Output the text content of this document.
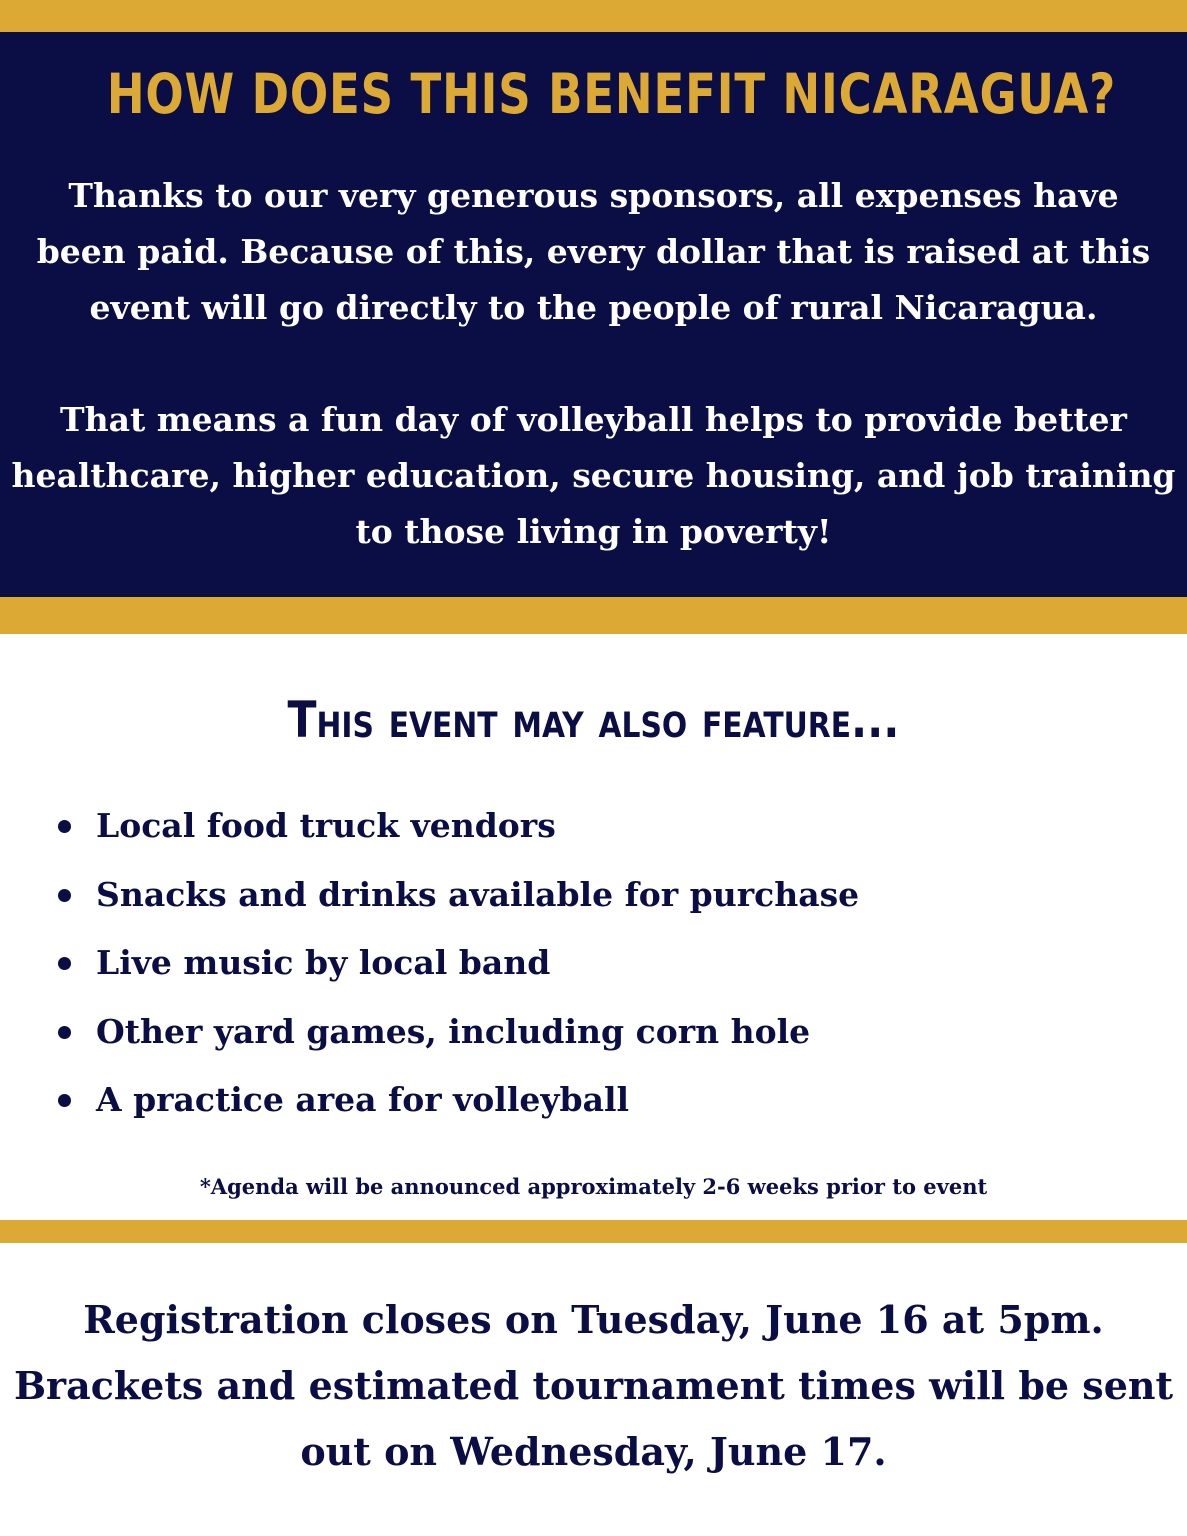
HOW DOES THIS BENEFIT NICARAGUA?

Thanks to our very generous sponsors, all expenses have
been paid. Because of this, every dollar that is raised at this
event will go directly to the people of rural Nicaragua.

That means a fun day of volleyball helps to provide better
healthcare, higher education, secure housing, and job training
to those living in poverty!

This event may also feature...
Local food truck vendors
Snacks and drinks available for purchase
Live music by local band
Other yard games, including corn hole
A practice area for volleyball
*Agenda will be announced approximately 2-6 weeks prior to event

Registration closes on Tuesday, June 16 at 5pm.
Brackets and estimated tournament times will be sent
out on Wednesday, June 17.
